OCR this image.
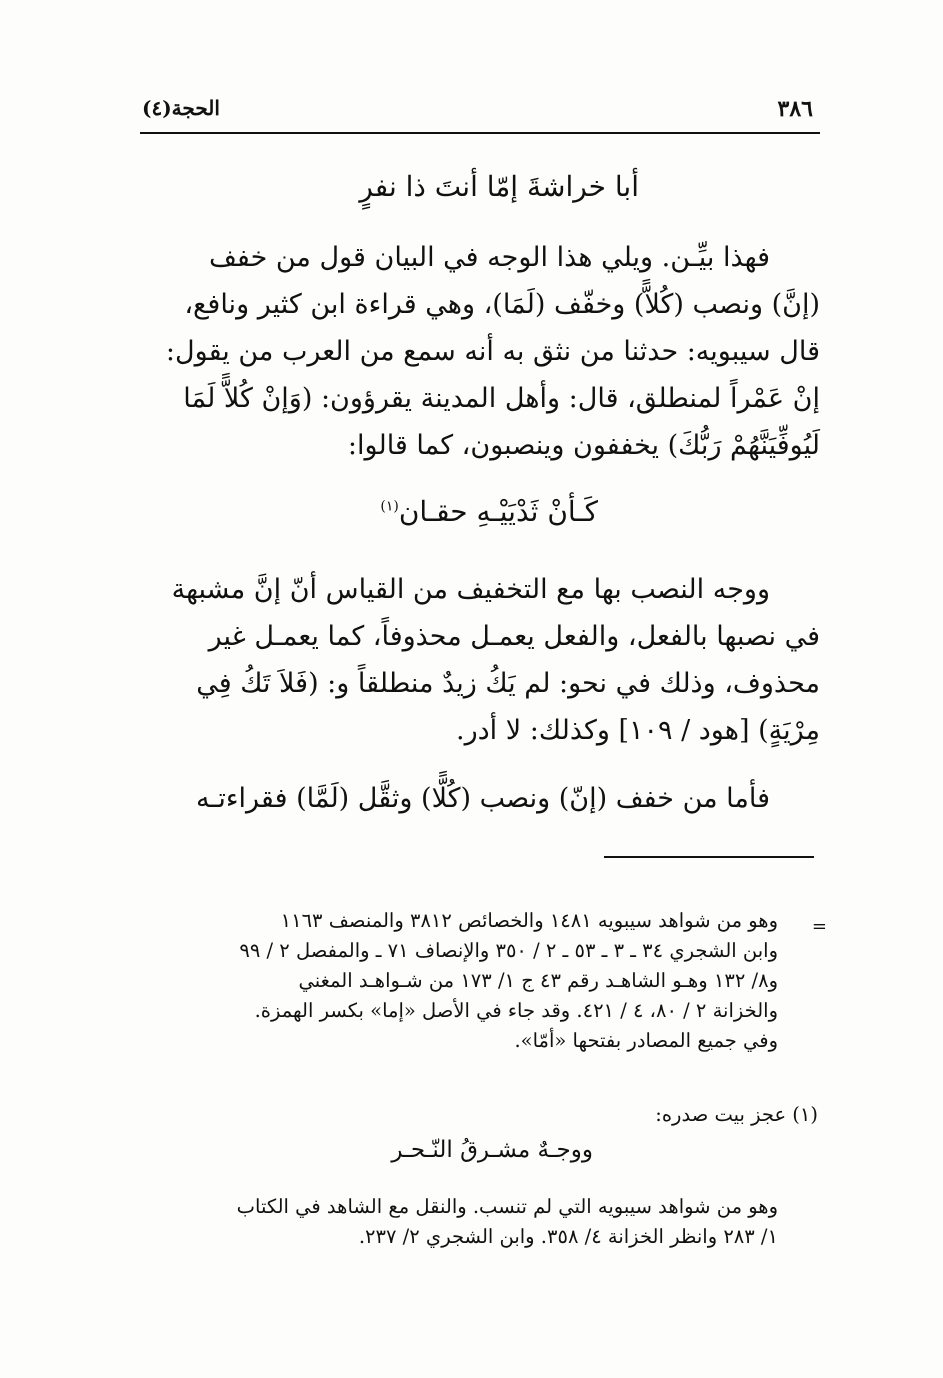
٣٨٦
الحجة(٤)
أبا خراشةَ إمّا أنتَ ذا نفرٍ
فهذا بيِّـن. ويلي هذا الوجه في البيان قول من خفف
(إنَّ) ونصب (كُلاًّ) وخفّف (لَمَا)، وهي قراءة ابن كثير ونافع،
قال سيبويه: حدثنا من نثق به أنه سمع من العرب من يقول:
إنْ عَمْراً لمنطلق، قال: وأهل المدينة يقرؤون: (وَإنْ كُلاًّ لَمَا
لَيُوفِّيَنَّهُمْ رَبُّكَ) يخففون وينصبون، كما قالوا:
كَـأنْ ثَدْيَيْـهِ حقـان$^{(١)}$
ووجه النصب بها مع التخفيف من القياس أنّ إنَّ مشبهة
في نصبها بالفعل، والفعل يعمـل محذوفاً، كما يعمـل غير
محذوف، وذلك في نحو: لم يَكُ زيدٌ منطلقاً و: (فَلاَ تَكُ فِي
مِرْيَةٍ) [هود / ١٠٩] وكذلك: لا أدر.
فأما من خفف (إنّ) ونصب (كُلًّا) وثقَّل (لَمَّا) فقراءتـه
=
وهو من شواهد سيبويه ١٤٨١ والخصائص ٣٨١٢ والمنصف ١١٦٣
وابن الشجري ٣٤ ـ ٣ ـ ٥٣ ـ ٢ / ٣٥٠ والإنصاف ٧١ ـ والمفصل ٢ / ٩٩
و٨/ ١٣٢ وهـو الشاهـد رقم ٤٣ ج ١/ ١٧٣ من شـواهـد المغني
والخزانة ٢ / ٨٠، ٤ / ٤٢١. وقد جاء في الأصل «إما» بكسر الهمزة.
وفي جميع المصادر بفتحها «أمّا».
(١) عجز بيت صدره:
ووجـهٌ مشـرقُ النّـحـر
وهو من شواهد سيبويه التي لم تنسب. والنقل مع الشاهد في الكتاب
١/ ٢٨٣ وانظر الخزانة ٤/ ٣٥٨. وابن الشجري ٢/ ٢٣٧.
